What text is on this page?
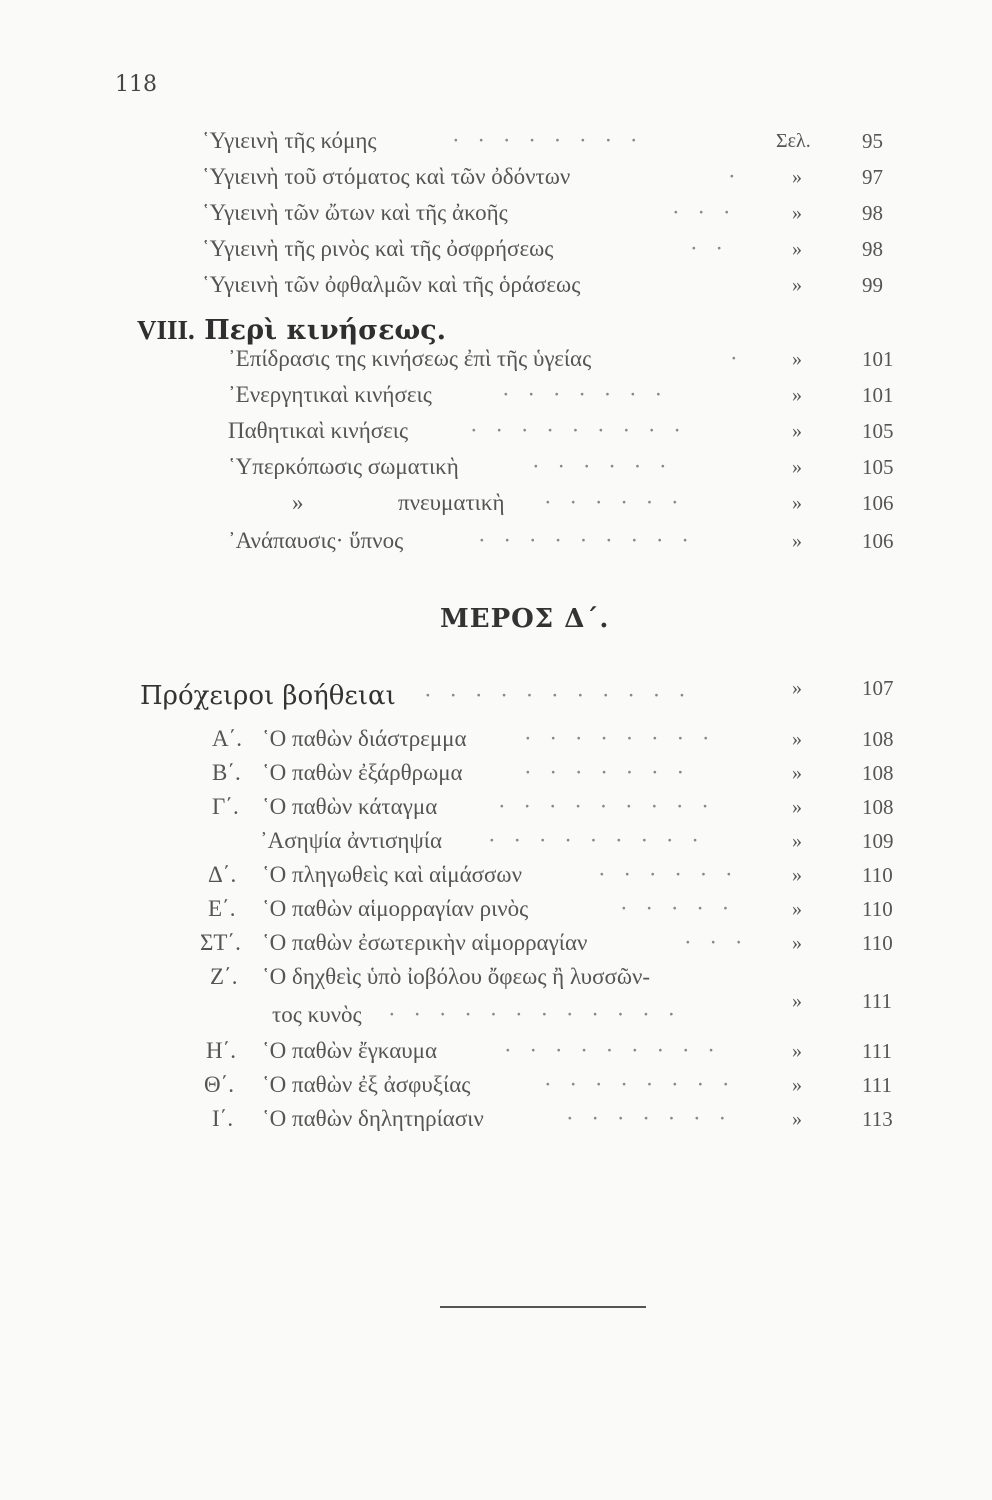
118
῾Υγιεινὴ τῆς κόμης	· · · · · · · ·	Σελ. 95
῾Υγιεινὴ τοῦ στόματος καὶ τῶν ὀδόντων	·	»	97
῾Υγιεινὴ τῶν ὤτων καὶ τῆς ἀκοῆς	· · ·	»	98
῾Υγιεινὴ τῆς ρινὸς καὶ τῆς ὀσφρήσεως	· ·	»	98
῾Υγιεινὴ τῶν ὀφθαλμῶν καὶ τῆς ὁράσεως	»	99
VIII. Περὶ κινήσεως.
᾿Επίδρασις της κινήσεως ἐπὶ τῆς ὑγείας	· »	101
᾿Ενεργητικαὶ κινήσεις	· · · · · · ·	»	101
Παθητικαὶ κινήσεις	· · · · · · · · ·	»	105
῾Υπερκόπωσις σωματικὴ	· · · · · ·	»	105
»	πνευματικὴ · · · · · ·	»	106
᾿Ανάπαυσις· ὕπνος	· · · · · · · · ·	»	106
ΜΕΡΟΣ Δ΄.
Πρόχειροι βοήθειαι · · · · · · · · · · ·	»	107
Α΄. ῾Ο παθὼν διάστρεμμα · · · · · · · ·	»	108
Β΄. ῾Ο παθὼν ἐξάρθρωμα	· · · · · · ·	»	108
Γ΄. ῾Ο παθὼν κάταγμα	· · · · · · · · ·	»	108
᾿Ασηψία ἀντισηψία · · · · · · · · ·	»	109
Δ΄. ῾Ο πληγωθεὶς καὶ αἱμάσσων	· · · · · ·	»	110
Ε΄. ῾Ο παθὼν αἱμορραγίαν ρινὸς	· · · · ·	»	110
ΣΤ΄. ῾Ο παθὼν ἐσωτερικὴν αἱμορραγίαν	· · · »	110
Ζ΄. ῾Ο δηχθεὶς ὑπὸ ἰοβόλου ὄφεως ἢ λυσσῶν-
τος κυνὸς · · · · · · · · · · · ·
»	111
Η΄. ῾Ο παθὼν ἔγκαυμα	· · · · · · · · ·	»	111
Θ΄. ῾Ο παθὼν ἐξ ἀσφυξίας	· · · · · · · ·	»	111
Ι΄. ῾Ο παθὼν δηλητηρίασιν	· · · · · · ·	»	113
